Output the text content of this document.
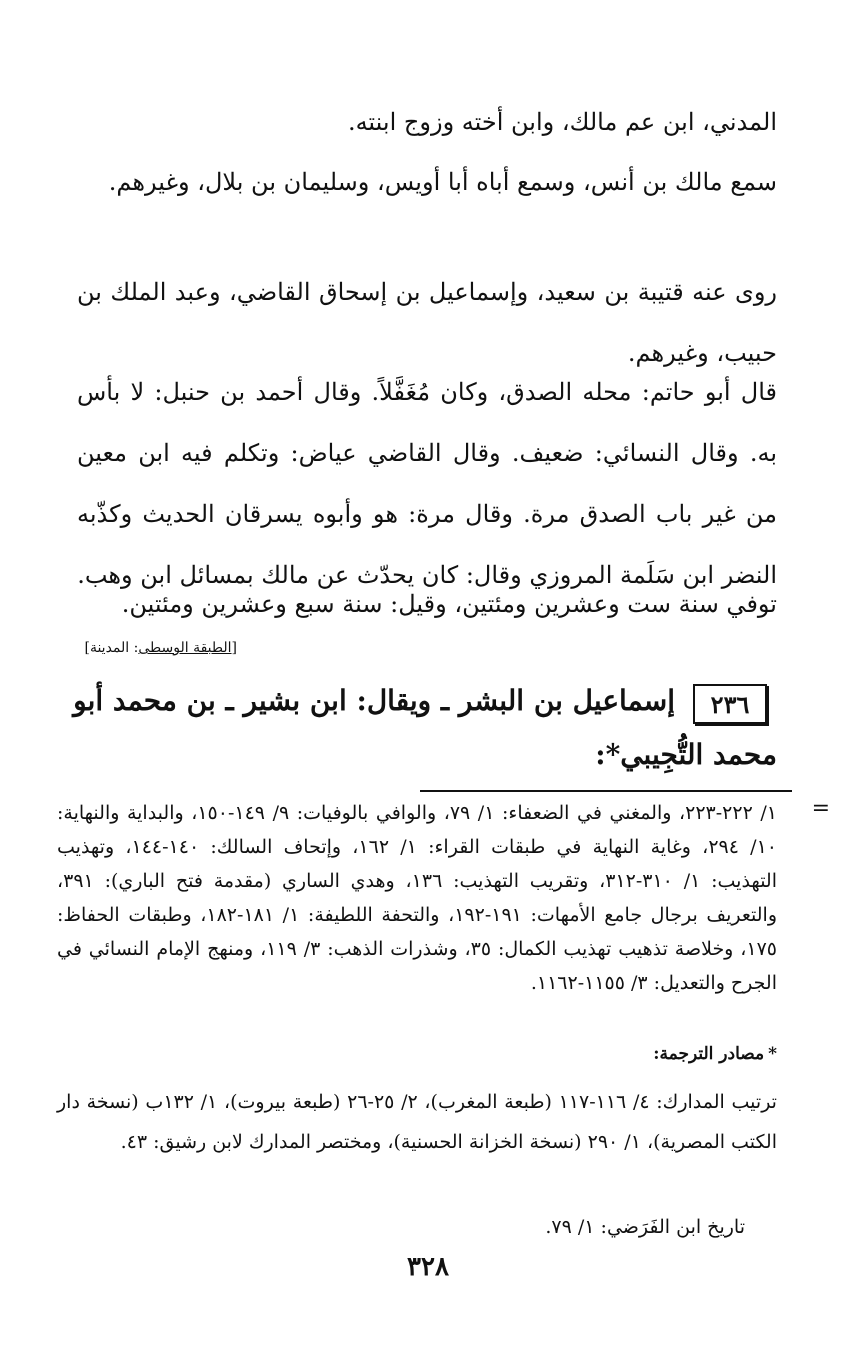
المدني، ابن عم مالك، وابن أخته وزوج ابنته.

سمع مالك بن أنس، وسمع أباه أبا أويس، وسليمان بن بلال، وغيرهم.

روى عنه قتيبة بن سعيد، وإسماعيل بن إسحاق القاضي، وعبد الملك بن حبيب، وغيرهم.

قال أبو حاتم: محله الصدق، وكان مُغَفَّلاً. وقال أحمد بن حنبل: لا بأس به. وقال النسائي: ضعيف. وقال القاضي عياض: وتكلم فيه ابن معين من غير باب الصدق مرة. وقال مرة: هو وأبوه يسرقان الحديث وكذّبه النضر ابن سَلَمة المروزي وقال: كان يحدّث عن مالك بمسائل ابن وهب.

توفي سنة ست وعشرين ومئتين، وقيل: سنة سبع وعشرين ومئتين.

[الطبقة الوسطى: المدينة]

٢٣٦
إسماعيل بن البشر ـ ويقال: ابن بشير ـ بن محمد أبو
محمد التُّجِيبي*:

=

١/ ٢٢٢-٢٢٣، والمغني في الضعفاء: ١/ ٧٩، والوافي بالوفيات: ٩/ ١٤٩-١٥٠، والبداية والنهاية: ١٠/ ٢٩٤، وغاية النهاية في طبقات القراء: ١/ ١٦٢، وإتحاف السالك: ١٤٠-١٤٤، وتهذيب التهذيب: ١/ ٣١٠-٣١٢، وتقريب التهذيب: ١٣٦، وهدي الساري (مقدمة فتح الباري): ٣٩١، والتعريف برجال جامع الأمهات: ١٩١-١٩٢، والتحفة اللطيفة: ١/ ١٨١-١٨٢، وطبقات الحفاظ: ١٧٥، وخلاصة تذهيب تهذيب الكمال: ٣٥، وشذرات الذهب: ٣/ ١١٩، ومنهج الإمام النسائي في الجرح والتعديل: ٣/ ١١٥٥-١١٦٢.

*مصادر الترجمة:

ترتيب المدارك: ٤/ ١١٦-١١٧ (طبعة المغرب)، ٢/ ٢٥-٢٦ (طبعة بيروت)، ١/ ١٣٢ب (نسخة دار الكتب المصرية)، ١/ ٢٩٠ (نسخة الخزانة الحسنية)، ومختصر المدارك لابن رشيق: ٤٣.

تاريخ ابن الفَرَضي: ١/ ٧٩.

٣٢٨
